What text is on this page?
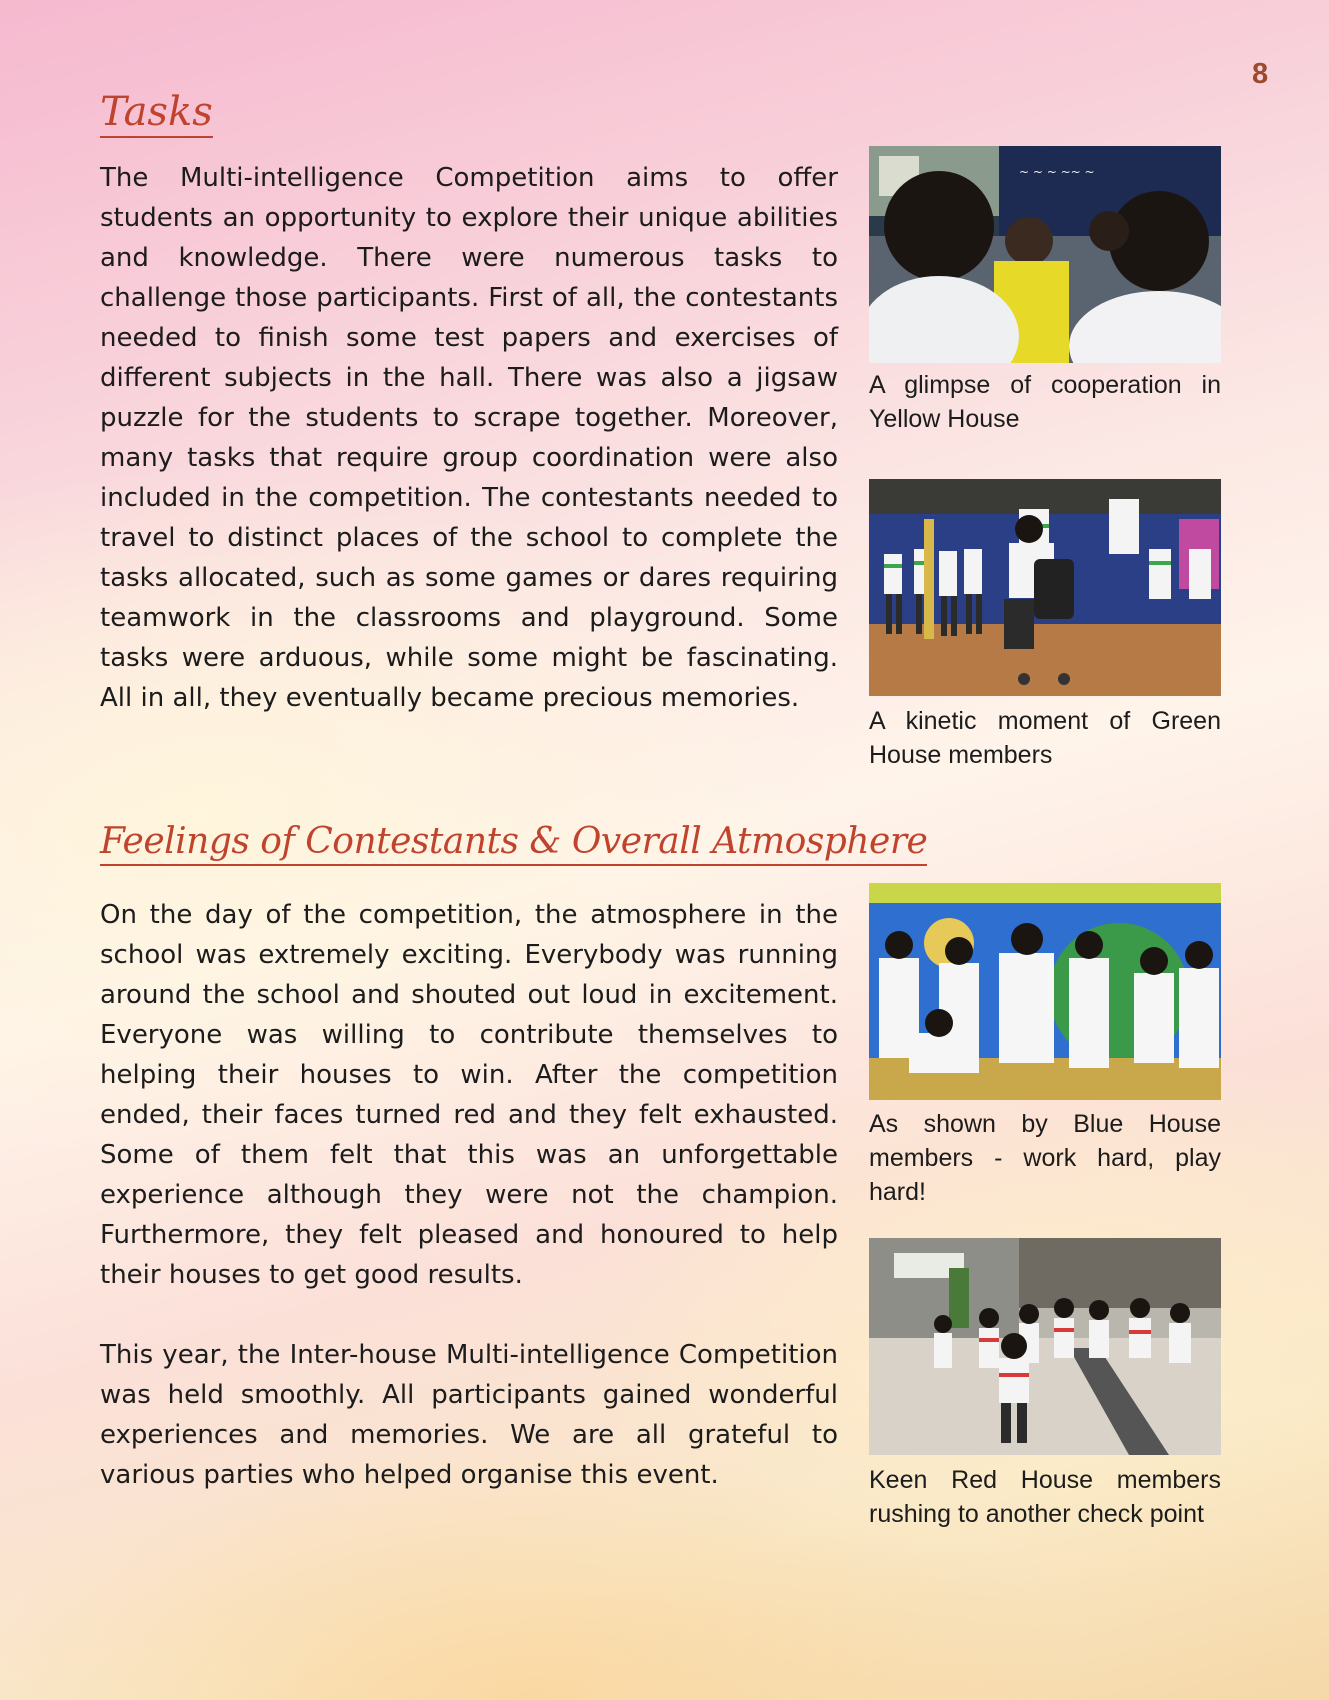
8
Tasks

The Multi-intelligence Competition aims to offer students an opportunity to explore their unique abilities and knowledge. There were numerous tasks to challenge those participants. First of all, the contestants needed to finish some test papers and exercises of different subjects in the hall. There was also a jigsaw puzzle for the students to scrape together. Moreover, many tasks that require group coordination were also included in the competition. The contestants needed to travel to distinct places of the school to complete the tasks allocated, such as some games or dares requiring teamwork in the classrooms and playground. Some tasks were arduous, while some might be fascinating. All in all, they eventually became precious memories.

Feelings of Contestants & Overall Atmosphere

On the day of the competition, the atmosphere in the school was extremely exciting. Everybody was running around the school and shouted out loud in excitement. Everyone was willing to contribute themselves to helping their houses to win. After the competition ended, their faces turned red and they felt exhausted. Some of them felt that this was an unforgettable experience although they were not the champion. Furthermore, they felt pleased and honoured to help their houses to get good results.

This year, the Inter-house Multi-intelligence Competition was held smoothly. All participants gained wonderful experiences and memories. We are all grateful to various parties who helped organise this event.

~ ~ ~ ~~ ~
A glimpse of cooperation in Yellow House
A kinetic moment of Green House members
As shown by Blue House members - work hard, play hard!
Keen Red House members rushing to another check point
